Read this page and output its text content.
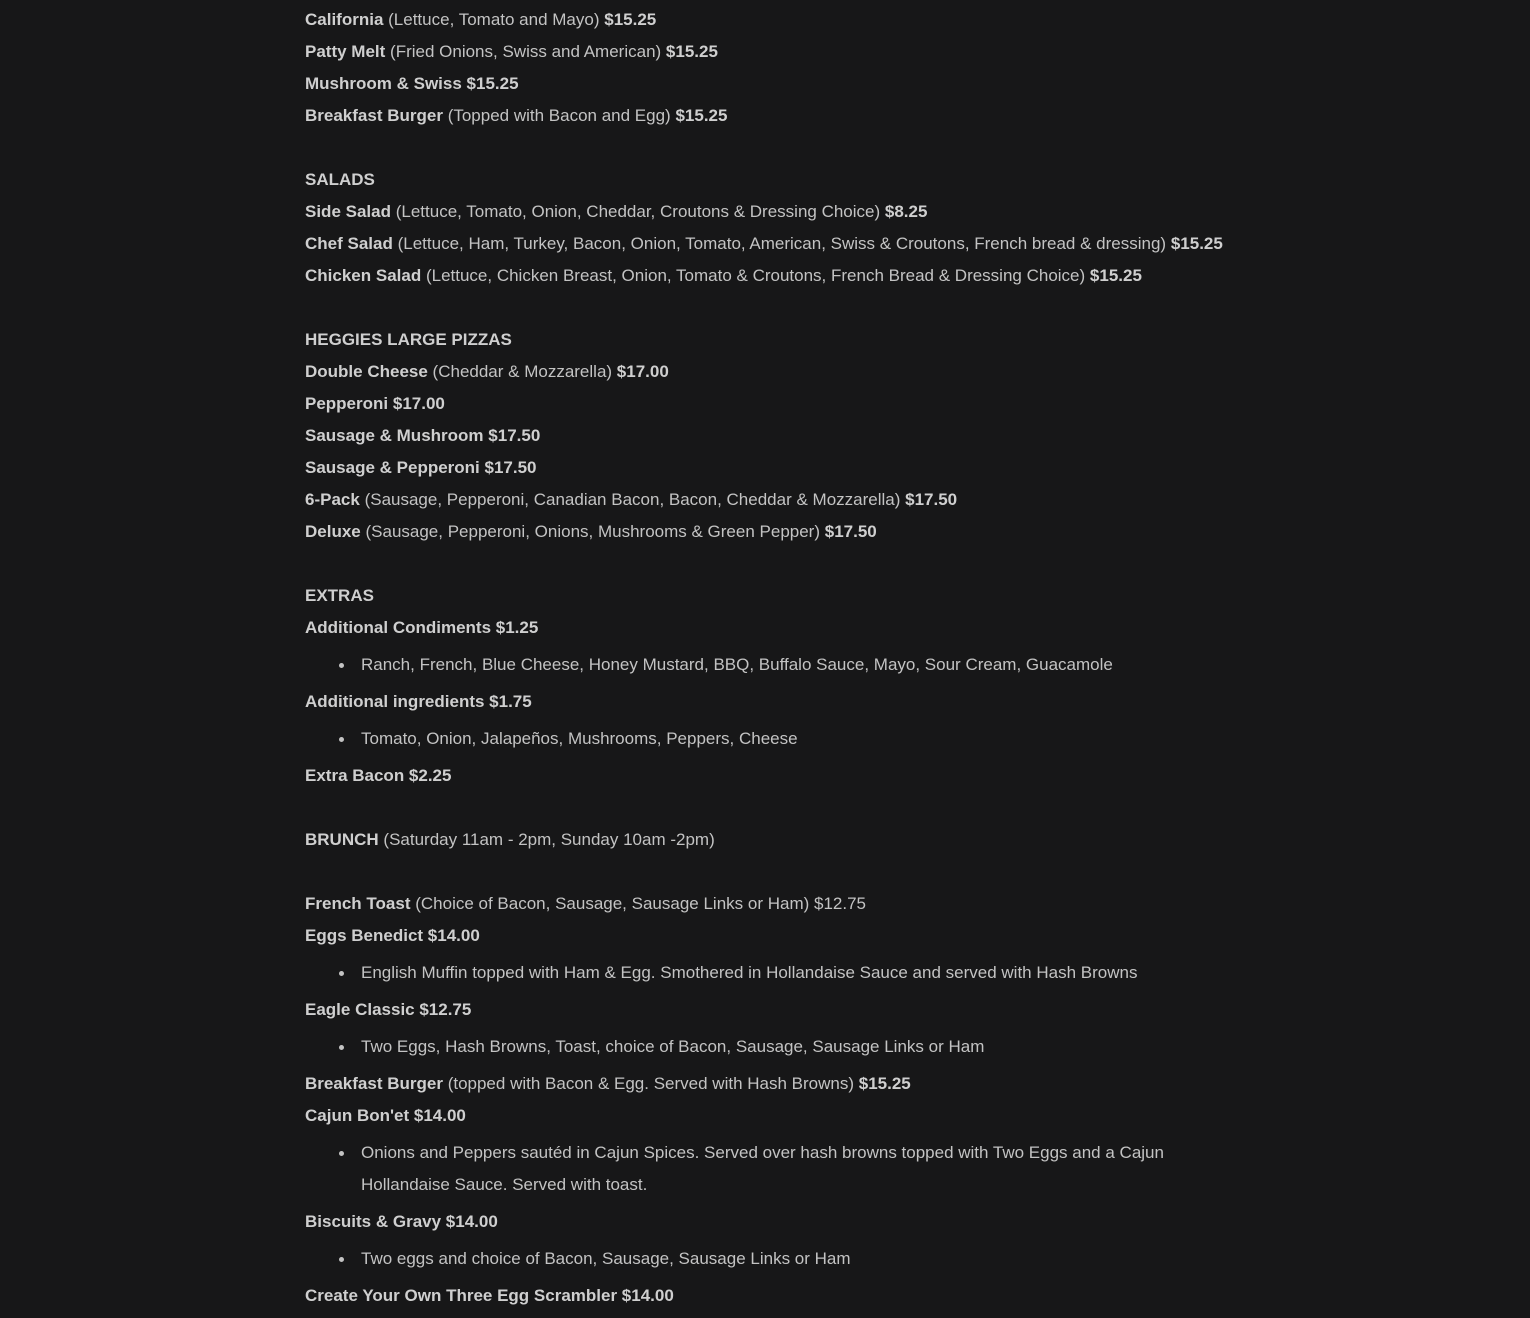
California (Lettuce, Tomato and Mayo) $15.25
Patty Melt (Fried Onions, Swiss and American) $15.25
Mushroom & Swiss $15.25
Breakfast Burger (Topped with Bacon and Egg) $15.25
SALADS
Side Salad (Lettuce, Tomato, Onion, Cheddar, Croutons & Dressing Choice) $8.25
Chef Salad (Lettuce, Ham, Turkey, Bacon, Onion, Tomato, American, Swiss & Croutons, French bread & dressing) $15.25
Chicken Salad (Lettuce, Chicken Breast, Onion, Tomato & Croutons, French Bread & Dressing Choice) $15.25
HEGGIES LARGE PIZZAS
Double Cheese (Cheddar & Mozzarella) $17.00
Pepperoni $17.00
Sausage & Mushroom $17.50
Sausage & Pepperoni $17.50
6-Pack (Sausage, Pepperoni, Canadian Bacon, Bacon, Cheddar & Mozzarella) $17.50
Deluxe (Sausage, Pepperoni, Onions, Mushrooms & Green Pepper) $17.50
EXTRAS
Additional Condiments $1.25
Ranch, French, Blue Cheese, Honey Mustard, BBQ, Buffalo Sauce, Mayo, Sour Cream, Guacamole
Additional ingredients $1.75
Tomato, Onion, Jalapeños, Mushrooms, Peppers, Cheese
Extra Bacon $2.25
BRUNCH (Saturday 11am - 2pm, Sunday 10am -2pm)
French Toast (Choice of Bacon, Sausage, Sausage Links or Ham) $12.75
Eggs Benedict $14.00
English Muffin topped with Ham & Egg. Smothered in Hollandaise Sauce and served with Hash Browns
Eagle Classic $12.75
Two Eggs, Hash Browns, Toast, choice of Bacon, Sausage, Sausage Links or Ham
Breakfast Burger (topped with Bacon & Egg. Served with Hash Browns) $15.25
Cajun Bon'et $14.00
Onions and Peppers sautéd in Cajun Spices. Served over hash browns topped with Two Eggs and a Cajun Hollandaise Sauce. Served with toast.
Biscuits & Gravy $14.00
Two eggs and choice of Bacon, Sausage, Sausage Links or Ham
Create Your Own Three Egg Scrambler $14.00
